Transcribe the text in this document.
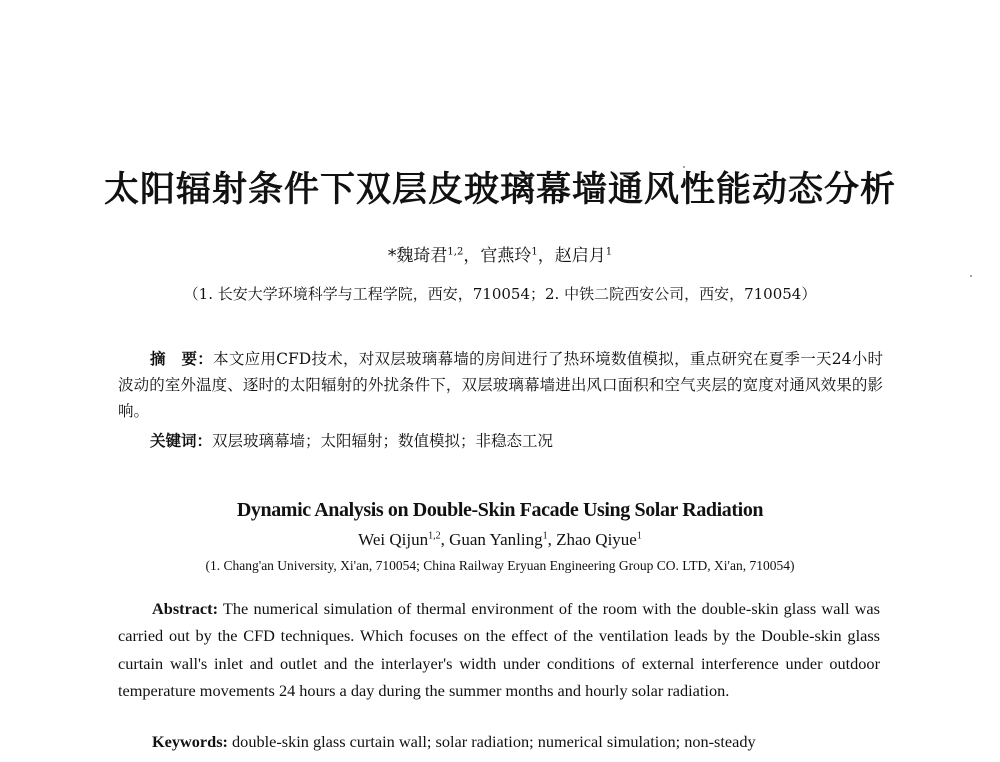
太阳辐射条件下双层皮玻璃幕墙通风性能动态分析
*魏琦君$^{1,2}$，官燕玲$^1$，赵启月$^1$
（1. 长安大学环境科学与工程学院，西安，710054；2. 中铁二院西安公司，西安，710054）
摘　要：本文应用CFD技术，对双层玻璃幕墙的房间进行了热环境数值模拟，重点研究在夏季一天24小时波动的室外温度、逐时的太阳辐射的外扰条件下，双层玻璃幕墙进出风口面积和空气夹层的宽度对通风效果的影响。
关键词：双层玻璃幕墙；太阳辐射；数值模拟；非稳态工况
Dynamic Analysis on Double-Skin Facade Using Solar Radiation
Wei Qijun$^{1,2}$, Guan Yanling$^1$, Zhao Qiyue$^1$
(1. Chang'an University, Xi'an, 710054; China Railway Eryuan Engineering Group CO. LTD, Xi'an, 710054)
Abstract: The numerical simulation of thermal environment of the room with the double-skin glass wall was carried out by the CFD techniques. Which focuses on the effect of the ventilation leads by the Double-skin glass curtain wall's inlet and outlet and the interlayer's width under conditions of external interference under outdoor temperature movements 24 hours a day during the summer months and hourly solar radiation.
Keywords: double-skin glass curtain wall; solar radiation; numerical simulation; non-steady
